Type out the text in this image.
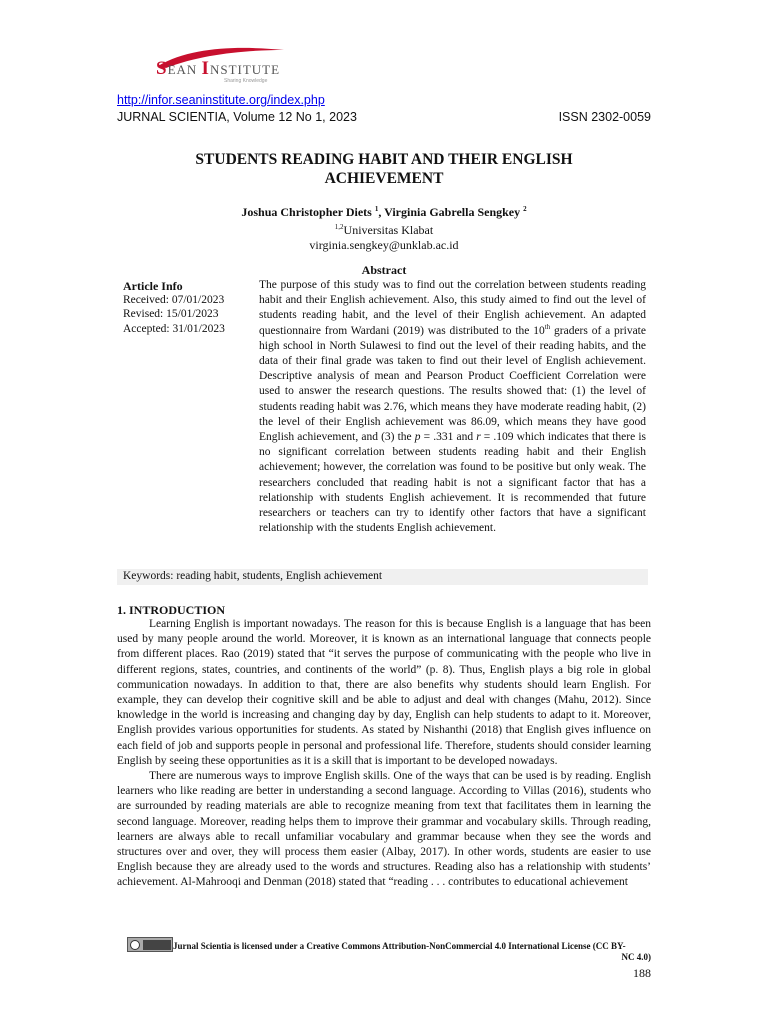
SEAN INSTITUTE
Sharing Knowledge
http://infor.seaninstitute.org/index.php
JURNAL SCIENTIA, Volume 12 No 1, 2023	ISSN 2302-0059
STUDENTS READING HABIT AND THEIR ENGLISH
ACHIEVEMENT
Joshua Christopher Diets $^1$, Virginia Gabrella Sengkey $^2$
$^{1,2}$Universitas Klabat
virginia.sengkey@unklab.ac.id
Abstract
Article Info
Received: 07/01/2023
Revised: 15/01/2023
Accepted: 31/01/2023
The purpose of this study was to find out the correlation between students reading habit and their English achievement. Also, this study aimed to find out the level of students reading habit, and the level of their English achievement. An adapted questionnaire from Wardani (2019) was distributed to the 10th graders of a private high school in North Sulawesi to find out the level of their reading habits, and the data of their final grade was taken to find out their level of English achievement. Descriptive analysis of mean and Pearson Product Coefficient Correlation were used to answer the research questions. The results showed that: (1) the level of students reading habit was 2.76, which means they have moderate reading habit, (2) the level of their English achievement was 86.09, which means they have good English achievement, and (3) the p = .331 and r = .109 which indicates that there is no significant correlation between students reading habit and their English achievement; however, the correlation was found to be positive but only weak. The researchers concluded that reading habit is not a significant factor that has a relationship with students English achievement. It is recommended that future researchers or teachers can try to identify other factors that have a significant relationship with the students English achievement.
Keywords: reading habit, students, English achievement
1. INTRODUCTION

Learning English is important nowadays. The reason for this is because English is a language that has been used by many people around the world. Moreover, it is known as an international language that connects people from different places. Rao (2019) stated that “it serves the purpose of communicating with the people who live in different regions, states, countries, and continents of the world” (p. 8). Thus, English plays a big role in global communication nowadays. In addition to that, there are also benefits why students should learn English. For example, they can develop their cognitive skill and be able to adjust and deal with changes (Mahu, 2012). Since knowledge in the world is increasing and changing day by day, English can help students to adapt to it. Moreover, English provides various opportunities for students. As stated by Nishanthi (2018) that English gives influence on each field of job and supports people in personal and professional life. Therefore, students should consider learning English by seeing these opportunities as it is a skill that is important to be developed nowadays.

There are numerous ways to improve English skills. One of the ways that can be used is by reading. English learners who like reading are better in understanding a second language. According to Villas (2016), students who are surrounded by reading materials are able to recognize meaning from text that facilitates them in learning the second language. Moreover, reading helps them to improve their grammar and vocabulary skills. Through reading, learners are always able to recall unfamiliar vocabulary and grammar because when they see the words and structures over and over, they will process them easier (Albay, 2017). In other words, students are easier to use English because they are already used to the words and structures. Reading also has a relationship with students’ achievement. Al-Mahrooqi and Denman (2018) stated that “reading . . . contributes to educational achievement

Jurnal Scientia is licensed under a Creative Commons Attribution-NonCommercial 4.0 International License (CC BY-
NC 4.0)
188
